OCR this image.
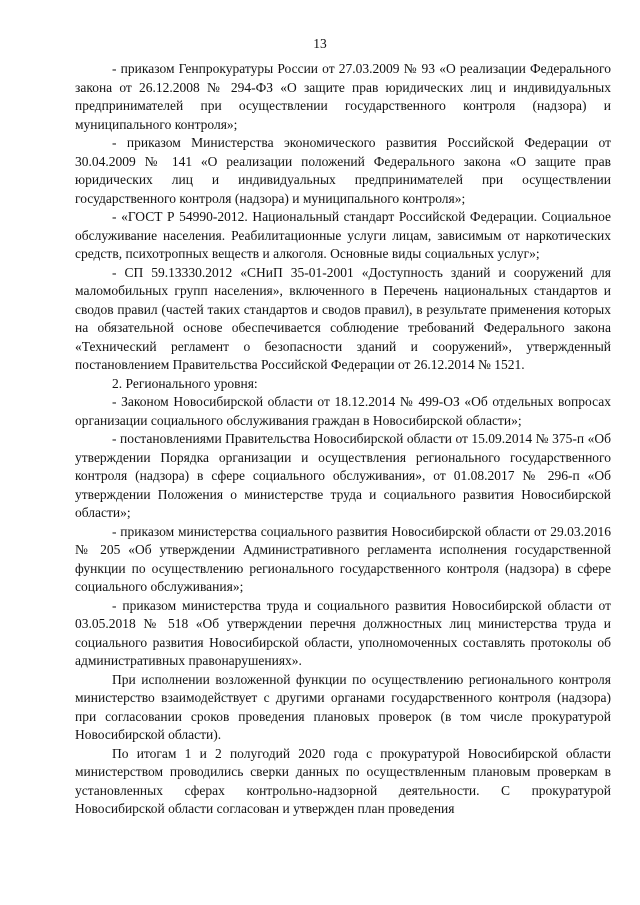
13

- приказом Генпрокуратуры России от 27.03.2009 № 93 «О реализации Федерального закона от 26.12.2008 № 294-ФЗ «О защите прав юридических лиц и индивидуальных предпринимателей при осуществлении государственного контроля (надзора) и муниципального контроля»;

- приказом Министерства экономического развития Российской Федерации от 30.04.2009 № 141 «О реализации положений Федерального закона «О защите прав юридических лиц и индивидуальных предпринимателей при осуществлении государственного контроля (надзора) и муниципального контроля»;

- «ГОСТ Р 54990-2012. Национальный стандарт Российской Федерации. Социальное обслуживание населения. Реабилитационные услуги лицам, зависимым от наркотических средств, психотропных веществ и алкоголя. Основные виды социальных услуг»;

- СП 59.13330.2012 «СНиП 35-01-2001 «Доступность зданий и сооружений для маломобильных групп населения», включенного в Перечень национальных стандартов и сводов правил (частей таких стандартов и сводов правил), в результате применения которых на обязательной основе обеспечивается соблюдение требований Федерального закона «Технический регламент о безопасности зданий и сооружений», утвержденный постановлением Правительства Российской Федерации от 26.12.2014 № 1521.

2. Регионального уровня:

- Законом Новосибирской области от 18.12.2014 № 499-ОЗ «Об отдельных вопросах организации социального обслуживания граждан в Новосибирской области»;

- постановлениями Правительства Новосибирской области от 15.09.2014 № 375-п «Об утверждении Порядка организации и осуществления регионального государственного контроля (надзора) в сфере социального обслуживания», от 01.08.2017 № 296-п «Об утверждении Положения о министерстве труда и социального развития Новосибирской области»;

- приказом министерства социального развития Новосибирской области от 29.03.2016 № 205 «Об утверждении Административного регламента исполнения государственной функции по осуществлению регионального государственного контроля (надзора) в сфере социального обслуживания»;

- приказом министерства труда и социального развития Новосибирской области от 03.05.2018 № 518 «Об утверждении перечня должностных лиц министерства труда и социального развития Новосибирской области, уполномоченных составлять протоколы об административных правонарушениях».

При исполнении возложенной функции по осуществлению регионального контроля министерство взаимодействует с другими органами государственного контроля (надзора) при согласовании сроков проведения плановых проверок (в том числе прокуратурой Новосибирской области).

По итогам 1 и 2 полугодий 2020 года с прокуратурой Новосибирской области министерством проводились сверки данных по осуществленным плановым проверкам в установленных сферах контрольно-надзорной деятельности. С прокуратурой Новосибирской области согласован и утвержден план проведения
